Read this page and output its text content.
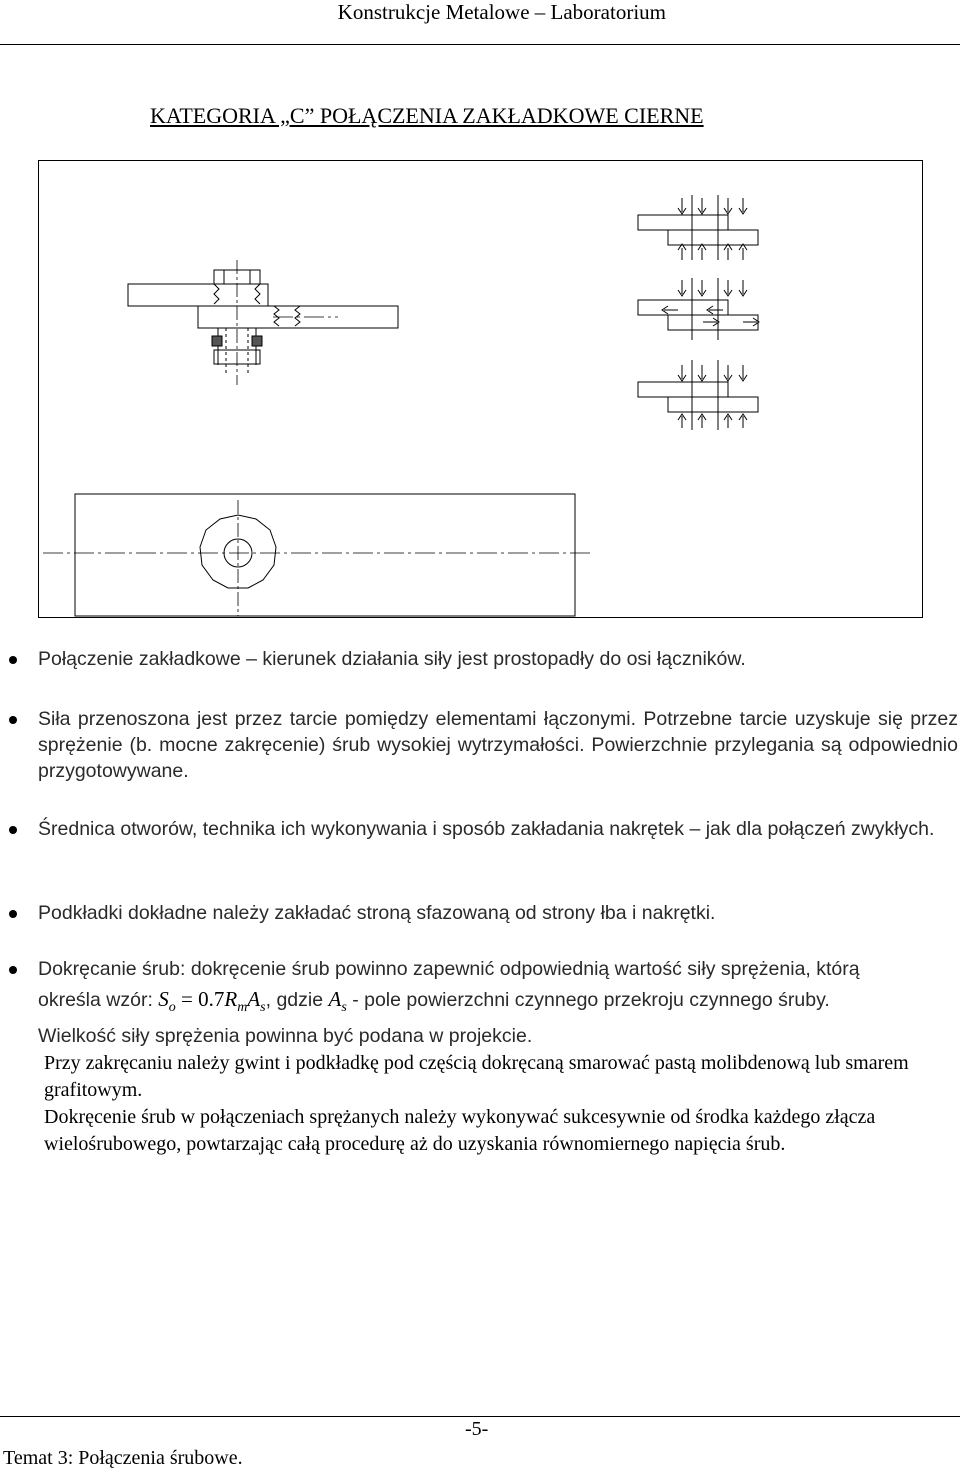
Konstrukcje Metalowe – Laboratorium
KATEGORIA „C” POŁĄCZENIA ZAKŁADKOWE CIERNE
Połączenie zakładkowe – kierunek działania siły jest prostopadły do osi łączników.
Siła przenoszona jest przez tarcie pomiędzy elementami łączonymi. Potrzebne tarcie uzyskuje się przez sprężenie (b. mocne zakręcenie) śrub wysokiej wytrzymałości. Powierzchnie przylegania są odpowiednio przygotowywane.
Średnica otworów, technika ich wykonywania i sposób zakładania nakrętek – jak dla połączeń zwykłych.
Podkładki dokładne należy zakładać stroną sfazowaną od strony łba i nakrętki.
Dokręcanie śrub: dokręcenie śrub powinno zapewnić odpowiednią wartość siły sprężenia, którą
określa wzór: $S_o = 0.7R_mA_s$, gdzie $A_s$ - pole powierzchni czynnego przekroju czynnego śruby.
Wielkość siły sprężenia powinna być podana w projekcie.
Przy zakręcaniu należy gwint i podkładkę pod częścią dokręcaną smarować pastą molibdenową lub smarem grafitowym.
Dokręcenie śrub w połączeniach sprężanych należy wykonywać sukcesywnie od środka każdego złącza wielośrubowego, powtarzając całą procedurę aż do uzyskania równomiernego napięcia śrub.
-5-
Temat 3: Połączenia śrubowe.
